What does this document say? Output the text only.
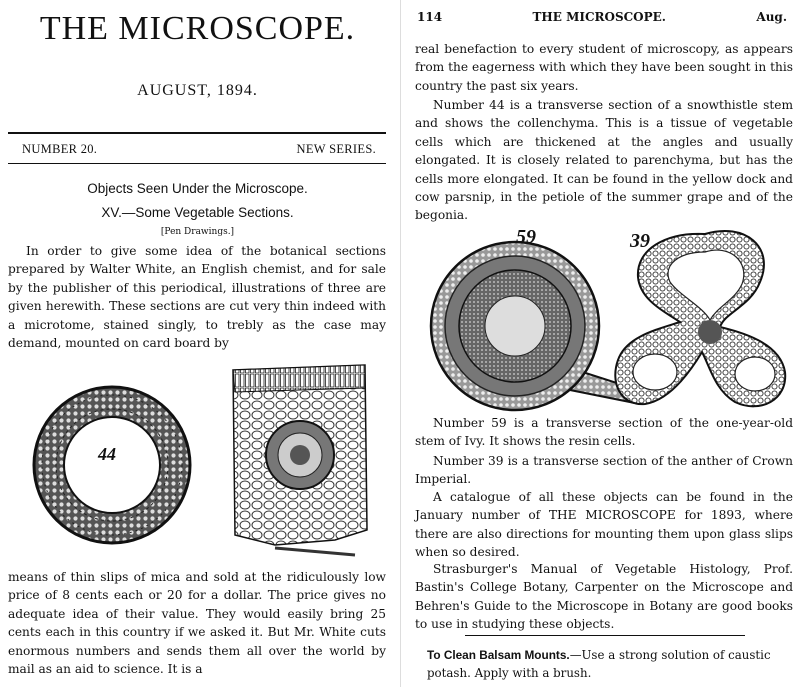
THE MICROSCOPE.
AUGUST, 1894.
NUMBER 20.	NEW SERIES.
Objects Seen Under the Microscope.
XV.—Some Vegetable Sections.
[Pen Drawings.]

In order to give some idea of the botanical sections prepared by Walter White, an English chemist, and for sale by the publisher of this periodical, illustrations of three are given herewith. These sections are cut very thin indeed with a microtome, stained singly, to trebly as the case may demand, mounted on card board by

44

means of thin slips of mica and sold at the ridiculously low price of 8 cents each or 20 for a dollar. The price gives no adequate idea of their value. They would easily bring 25 cents each in this country if we asked it. But Mr. White cuts enormous numbers and sends them all over the world by mail as an aid to science. It is a

114	THE MICROSCOPE.	Aug.

real benefaction to every student of microscopy, as appears from the eagerness with which they have been sought in this country the past six years.

Number 44 is a transverse section of a snowthistle stem and shows the collenchyma. This is a tissue of vegetable cells which are thickened at the angles and usually elongated. It is closely related to parenchyma, but has the cells more elongated. It can be found in the yellow dock and cow parsnip, in the petiole of the summer grape and of the begonia.

59	39

Number 59 is a transverse section of the one-year-old stem of Ivy. It shows the resin cells.

Number 39 is a transverse section of the anther of Crown Imperial.

A catalogue of all these objects can be found in the January number of THE MICROSCOPE for 1893, where there are also directions for mounting them upon glass slips when so desired.

Strasburger's Manual of Vegetable Histology, Prof. Bastin's College Botany, Carpenter on the Microscope and Behren's Guide to the Microscope in Botany are good books to use in studying these objects.

To Clean Balsam Mounts.—Use a strong solution of caustic potash. Apply with a brush.
